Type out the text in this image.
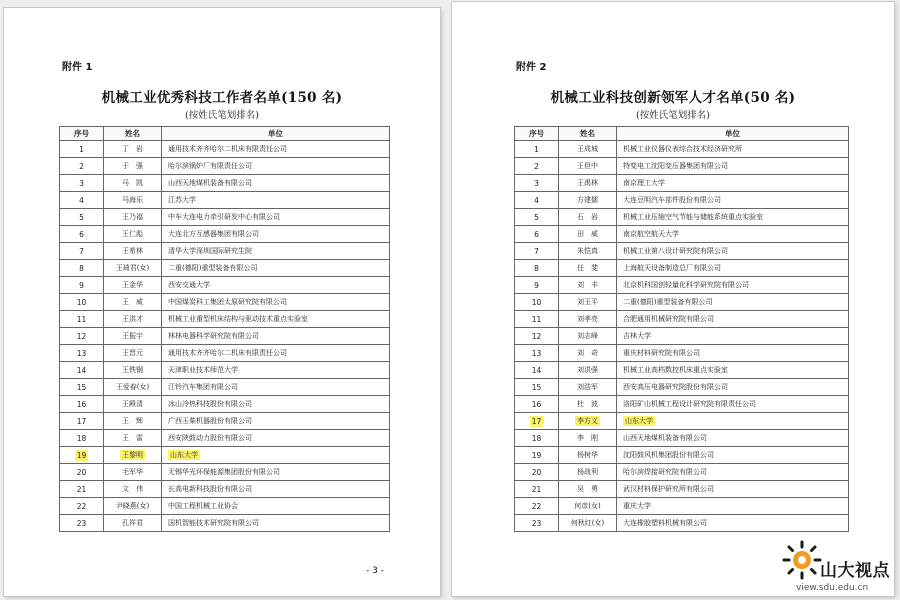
附件 1
机械工业优秀科技工作者名单(150 名)
(按姓氏笔划排名)
序号	姓名	单位
1	丁　岩	通用技术齐齐哈尔二机床有限责任公司
2	于　强	哈尔滨锅炉厂有限责任公司
3	马　凯	山西天地煤机装备有限公司
4	马海乐	江苏大学
5	王乃福	中车大连电力牵引研发中心有限公司
6	王仁彪	大连北方互感器集团有限公司
7	王希林	清华大学深圳国际研究生院
8	王琦君(女)	二重(德阳)重型装备有限公司
9	王金华	西安交通大学
10	王　威	中国煤炭科工集团太原研究院有限公司
11	王洪才	机械工业重型机床结构与驱动技术重点实验室
12	王振宇	林林电器科学研究院有限公司
13	王晋元	通用技术齐齐哈尔二机床有限责任公司
14	王铁钢	天津职业技术师范大学
15	王爱春(女)	江铃汽车集团有限公司
16	王殿清	冰山冷热科技股份有限公司
17	王　辉	广西玉柴机器股份有限公司
18	王　雷	西安陕鼓动力股份有限公司
19	王黎明	山东大学
20	毛军华	无锡华光环保能源集团股份有限公司
21	文　伟	长高电新科技股份有限公司
22	尹晓燕(女)	中国工程机械工业协会
23	孔祥君	国机智能技术研究院有限公司
- 3 -
附件 2
机械工业科技创新领军人才名单(50 名)
(按姓氏笔划排名)
序号	姓名	单位
1	王成城	机械工业仪器仪表综合技术经济研究所
2	王但中	特变电工沈阳变压器集团有限公司
3	王禹林	南京理工大学
4	方建儒	大连豆明汽车部件股份有限公司
5	石　岩	机械工业压缩空气节能与储能系统重点实验室
6	田　威	南京航空航天大学
7	朱恺真	机械工业第八设计研究院有限公司
8	任　斐	上海航天设备制造总厂有限公司
9	刘　丰	北京机科国创轻量化科学研究院有限公司
10	刘玉平	二重(德阳)重型装备有限公司
11	刘孝亮	合肥通用机械研究院有限公司
12	刘志峰	吉林大学
13	刘　奇	重庆材料研究院有限公司
14	刘洪强	机械工业高档数控机床重点实验室
15	刘浩军	西安高压电器研究院股份有限公司
16	杜　波	洛阳矿山机械工程设计研究院有限责任公司
17	李方义	山东大学
18	李　刚	山西天地煤机装备有限公司
19	杨树华	沈阳鼓风机集团股份有限公司
20	杨战利	哈尔滨焊接研究院有限公司
21	吴　勇	武汉材料保护研究所有限公司
22	何彦(女)	重庆大学
23	何秋红(女)	大连橡胶塑料机械有限公司
山大视点
view.sdu.edu.cn
